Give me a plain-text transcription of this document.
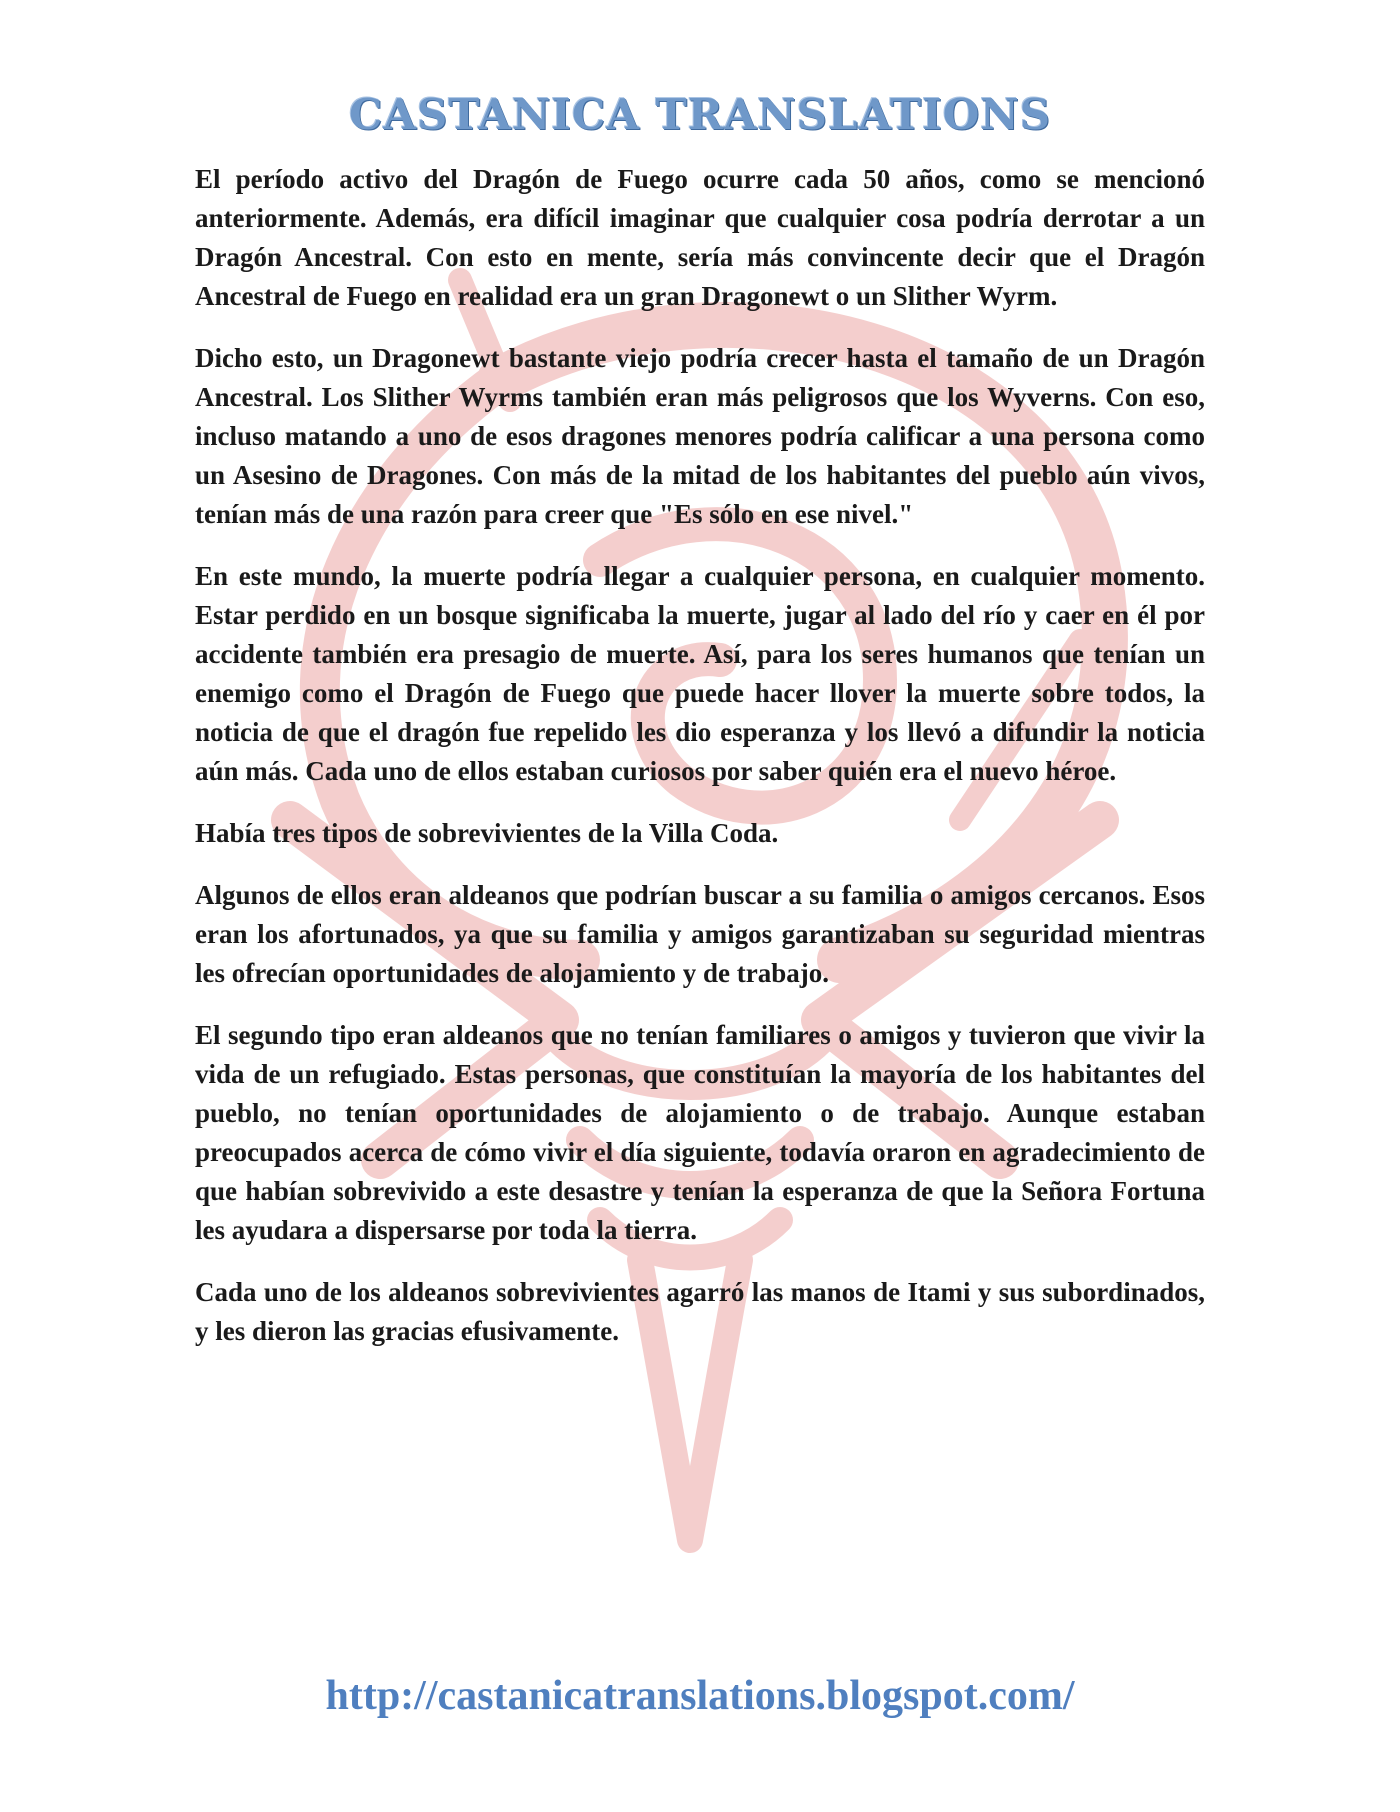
CASTANICA TRANSLATIONS

El período activo del Dragón de Fuego ocurre cada 50 años, como se mencionó anteriormente. Además, era difícil imaginar que cualquier cosa podría derrotar a un Dragón Ancestral. Con esto en mente, sería más convincente decir que el Dragón Ancestral de Fuego en realidad era un gran Dragonewt o un Slither Wyrm.

Dicho esto, un Dragonewt bastante viejo podría crecer hasta el tamaño de un Dragón Ancestral. Los Slither Wyrms también eran más peligrosos que los Wyverns. Con eso, incluso matando a uno de esos dragones menores podría calificar a una persona como un Asesino de Dragones. Con más de la mitad de los habitantes del pueblo aún vivos, tenían más de una razón para creer que "Es sólo en ese nivel."

En este mundo, la muerte podría llegar a cualquier persona, en cualquier momento. Estar perdido en un bosque significaba la muerte, jugar al lado del río y caer en él por accidente también era presagio de muerte. Así, para los seres humanos que tenían un enemigo como el Dragón de Fuego que puede hacer llover la muerte sobre todos, la noticia de que el dragón fue repelido les dio esperanza y los llevó a difundir la noticia aún más. Cada uno de ellos estaban curiosos por saber quién era el nuevo héroe.

Había tres tipos de sobrevivientes de la Villa Coda.

Algunos de ellos eran aldeanos que podrían buscar a su familia o amigos cercanos. Esos eran los afortunados, ya que su familia y amigos garantizaban su seguridad mientras les ofrecían oportunidades de alojamiento y de trabajo.

El segundo tipo eran aldeanos que no tenían familiares o amigos y tuvieron que vivir la vida de un refugiado. Estas personas, que constituían la mayoría de los habitantes del pueblo, no tenían oportunidades de alojamiento o de trabajo. Aunque estaban preocupados acerca de cómo vivir el día siguiente, todavía oraron en agradecimiento de que habían sobrevivido a este desastre y tenían la esperanza de que la Señora Fortuna les ayudara a dispersarse por toda la tierra.

Cada uno de los aldeanos sobrevivientes agarró las manos de Itami y sus subordinados, y les dieron las gracias efusivamente.

http://castanicatranslations.blogspot.com/
